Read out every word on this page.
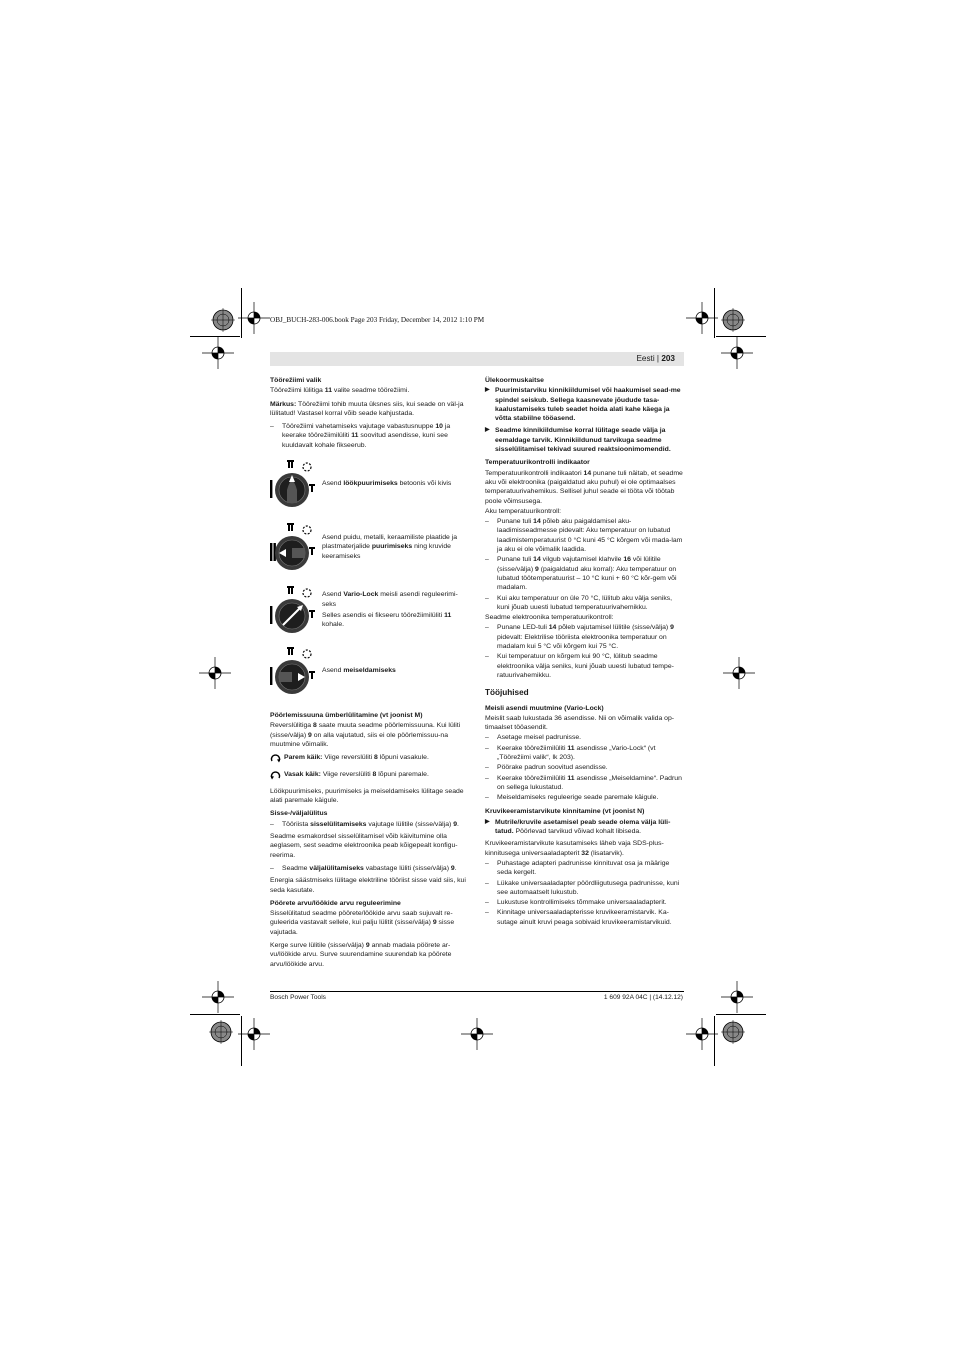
OBJ_BUCH-283-006.book Page 203 Friday, December 14, 2012 1:10 PM
Eesti | 203
Bosch Power Tools	1 609 92A 04C | (14.12.12)
Töörežiimi valik

Töörežiimi lülitiga 11 valite seadme töörežiimi.

Märkus: Töörežiimi tohib muuta üksnes siis, kui seade on väl-ja lülitatud! Vastasel korral võib seade kahjustada.

– Töörežiimi vahetamiseks vajutage vabastusnuppe 10 ja keerake töörežiimilüliti 11 soovitud asendisse, kuni see kuuldavalt kohale fikseerub.
Asend löökpuurimiseks betoonis või kivis
Asend puidu, metalli, keraamiliste plaatide ja plastmaterjalide puurimiseks ning kruvide keeramiseks
Asend Vario-Lock meisli asendi reguleerimi-seks
Selles asendis ei fikseeru töörežiimilüliti 11 kohale.
Asend meiseldamiseks
Pöörlemissuuna ümberlülitamine (vt joonist M)

Reverslülitiga 8 saate muuta seadme pöörlemissuuna. Kui lüliti (sisse/välja) 9 on alla vajutatud, siis ei ole pöörlemissuu-na muutmine võimalik.

Parem käik: Viige reverslüliti 8 lõpuni vasakule.
Vasak käik: Viige reverslüliti 8 lõpuni paremale.

Löökpuurimiseks, puurimiseks ja meiseldamiseks lülitage seade alati paremale käigule.

Sisse-/väljalülitus
– Tööriista sisselülitamiseks vajutage lülitile (sisse/välja) 9.

Seadme esmakordsel sisselülitamisel võib käivitumine olla aeglasem, sest seadme elektroonika peab kõigepealt konfigu-reerima.

– Seadme väljalülitamiseks vabastage lüliti (sisse/välja) 9.

Energia säästmiseks lülitage elektriline tööriist sisse vaid siis, kui seda kasutate.

Pöörete arvu/löökide arvu reguleerimine

Sisselülitatud seadme pöörete/löökide arvu saab sujuvalt re-guleerida vastavalt sellele, kui palju lülitit (sisse/välja) 9 sisse vajutada.

Kerge surve lülitile (sisse/välja) 9 annab madala pöörete ar-vu/löökide arvu. Surve suurendamine suurendab ka pöörete arvu/löökide arvu.

Ülekoormuskaitse
▶ Puurimistarviku kinnikiildumisel või haakumisel sead-me spindel seiskub. Sellega kaasnevate jõudude tasa-kaalustamiseks tuleb seadet hoida alati kahe käega ja võtta stabiilne tööasend.
▶ Seadme kinnikiildumise korral lülitage seade välja ja eemaldage tarvik. Kinnikiildunud tarvikuga seadme sisselülitamisel tekivad suured reaktsioonimomendid.
Temperatuurikontrolli indikaator

Temperatuurikontrolli indikaatori 14 punane tuli näitab, et seadme aku või elektroonika (paigaldatud aku puhul) ei ole optimaalses temperatuurivahemikus. Sellisel juhul seade ei tööta või töötab poole võimsusega.

Aku temperatuurikontroll:

– Punane tuli 14 põleb aku paigaldamisel aku-laadimisseadmesse pidevalt: Aku temperatuur on lubatud laadimistemperatuurist 0 °C kuni 45 °C kõrgem või mada-lam ja aku ei ole võimalik laadida.
– Punane tuli 14 vilgub vajutamisel klahvile 16 või lülitile (sisse/välja) 9 (paigaldatud aku korral): Aku temperatuur on lubatud töötemperatuurist – 10 °C kuni + 60 °C kõr-gem või madalam.
– Kui aku temperatuur on üle 70 °C, lülitub aku välja seniks, kuni jõuab uuesti lubatud temperatuurivahemikku.

Seadme elektroonika temperatuurikontroll:

– Punane LED-tuli 14 põleb vajutamisel lülitile (sisse/välja) 9 pidevalt: Elektrilise tööriista elektroonika temperatuur on madalam kui 5 °C või kõrgem kui 75 °C.
– Kui temperatuur on kõrgem kui 90 °C, lülitub seadme elektroonika välja seniks, kuni jõuab uuesti lubatud tempe-ratuurivahemikku.
Tööjuhised
Meisli asendi muutmine (Vario-Lock)

Meislit saab lukustada 36 asendisse. Nii on võimalik valida op-timaalset tööasendit.

– Asetage meisel padrunisse.
– Keerake töörežiimilüliti 11 asendisse „Vario-Lock“ (vt „Töörežiimi valik“, lk 203).
– Pöörake padrun soovitud asendisse.
– Keerake töörežiimilüliti 11 asendisse „Meiseldamine“. Padrun on sellega lukustatud.
– Meiseldamiseks reguleerige seade paremale käigule.
Kruvikeeramistarvikute kinnitamine (vt joonist N)
▶ Mutrile/kruvile asetamisel peab seade olema välja lüli-tatud. Pöörlevad tarvikud võivad kohalt libiseda.

Kruvikeeramistarvikute kasutamiseks läheb vaja SDS-plus-kinnitusega universaaladapterit 32 (lisatarvik).

– Puhastage adapteri padrunisse kinnituvat osa ja määrige seda kergelt.
– Lükake universaaladapter pöördliigutusega padrunisse, kuni see automaatselt lukustub.
– Lukustuse kontrollimiseks tõmmake universaaladapterit.
– Kinnitage universaaladapterisse kruvikeeramistarvik. Ka-sutage ainult kruvi peaga sobivaid kruvikeeramistarvikuid.
